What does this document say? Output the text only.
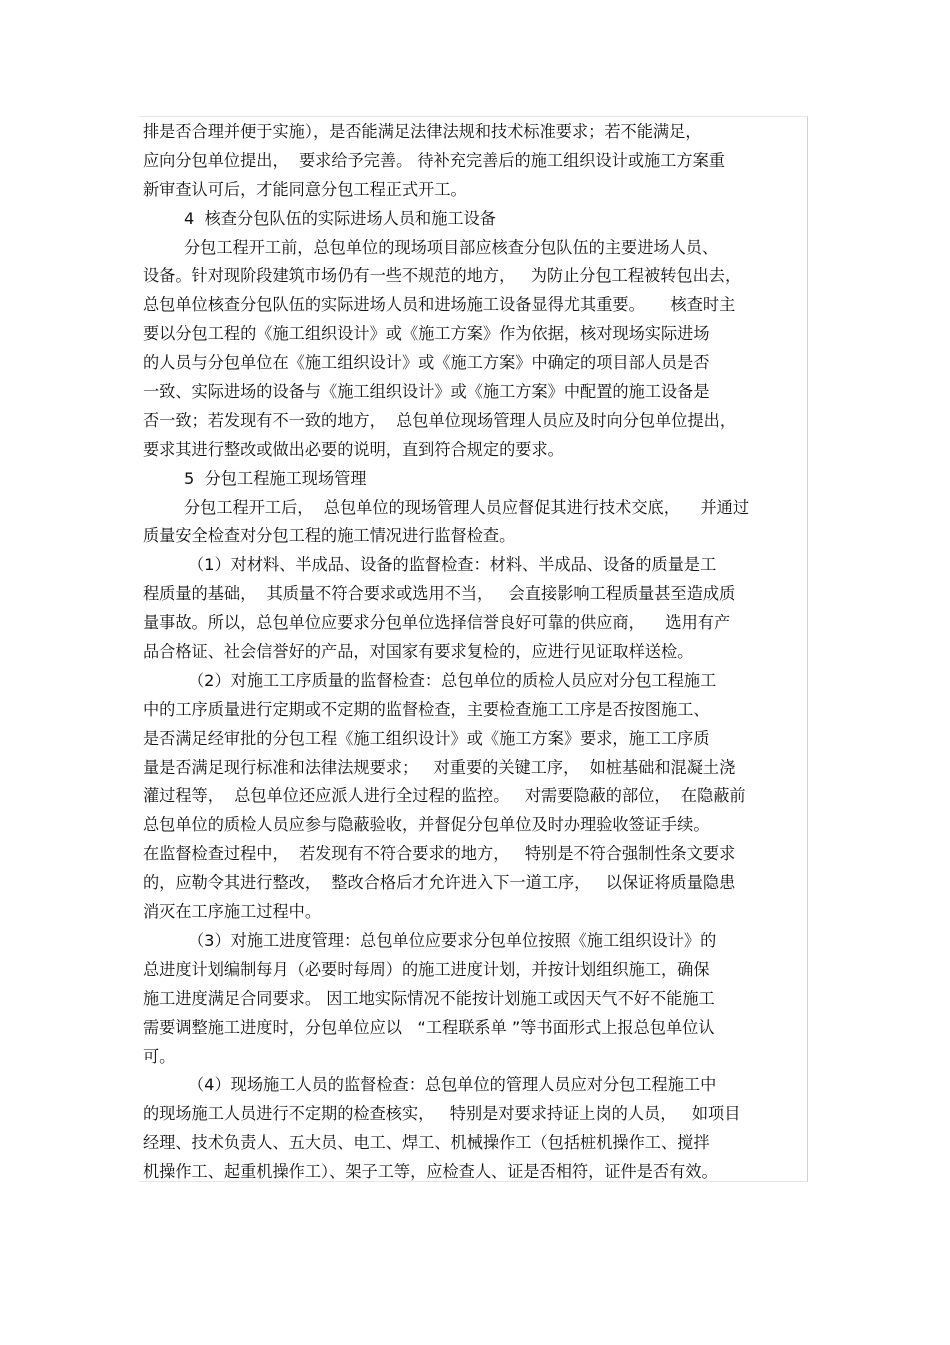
排是否合理并便于实施），是否能满足法律法规和技术标准要求；若不能满足，
应向分包单位提出，  要求给予完善。 待补充完善后的施工组织设计或施工方案重
新审查认可后，才能同意分包工程正式开工。
4  核查分包队伍的实际进场人员和施工设备
分包工程开工前，总包单位的现场项目部应核查分包队伍的主要进场人员、
设备。针对现阶段建筑市场仍有一些不规范的地方，   为防止分包工程被转包出去，
总包单位核查分包队伍的实际进场人员和进场施工设备显得尤其重要。     核查时主
要以分包工程的《施工组织设计》或《施工方案》作为依据，核对现场实际进场
的人员与分包单位在《施工组织设计》或《施工方案》中确定的项目部人员是否
一致、实际进场的设备与《施工组织设计》或《施工方案》中配置的施工设备是
否一致；若发现有不一致的地方，  总包单位现场管理人员应及时向分包单位提出，
要求其进行整改或做出必要的说明，直到符合规定的要求。
5  分包工程施工现场管理
分包工程开工后，  总包单位的现场管理人员应督促其进行技术交底，    并通过
质量安全检查对分包工程的施工情况进行监督检查。
（1）对材料、半成品、设备的监督检查：材料、半成品、设备的质量是工
程质量的基础，  其质量不符合要求或选用不当，   会直接影响工程质量甚至造成质
量事故。所以，总包单位应要求分包单位选择信誉良好可靠的供应商，    选用有产
品合格证、社会信誉好的产品，对国家有要求复检的，应进行见证取样送检。
（2）对施工工序质量的监督检查：总包单位的质检人员应对分包工程施工
中的工序质量进行定期或不定期的监督检查，主要检查施工工序是否按图施工、
是否满足经审批的分包工程《施工组织设计》或《施工方案》要求，施工工序质
量是否满足现行标准和法律法规要求；   对重要的关键工序，  如桩基础和混凝土浇
灌过程等，  总包单位还应派人进行全过程的监控。   对需要隐蔽的部位，  在隐蔽前
总包单位的质检人员应参与隐蔽验收，并督促分包单位及时办理验收签证手续。
在监督检查过程中，  若发现有不符合要求的地方，   特别是不符合强制性条文要求
的，应勒令其进行整改，  整改合格后才允许进入下一道工序，   以保证将质量隐患
消灭在工序施工过程中。
（3）对施工进度管理：总包单位应要求分包单位按照《施工组织设计》的
总进度计划编制每月（必要时每周）的施工进度计划，并按计划组织施工，确保
施工进度满足合同要求。 因工地实际情况不能按计划施工或因天气不好不能施工
需要调整施工进度时，分包单位应以   “工程联系单 ”等书面形式上报总包单位认
可。
（4）现场施工人员的监督检查：总包单位的管理人员应对分包工程施工中
的现场施工人员进行不定期的检查核实，   特别是对要求持证上岗的人员，   如项目
经理、技术负责人、五大员、电工、焊工、机械操作工（包括桩机操作工、搅拌
机操作工、起重机操作工）、架子工等，应检查人、证是否相符，证件是否有效。
